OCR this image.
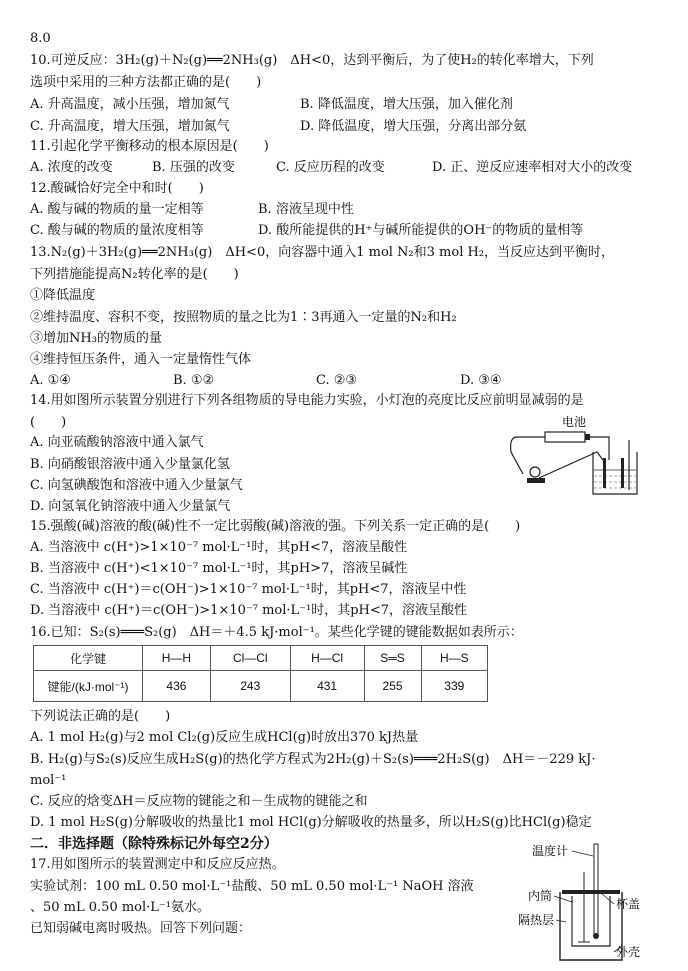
8.0
10.可逆反应：3H₂(g)＋N₂(g)══2NH₃(g)　ΔH<0，达到平衡后，为了使H₂的转化率增大，下列
选项中采用的三种方法都正确的是(　　)
A. 升高温度，减小压强，增加氮气	B. 降低温度，增大压强，加入催化剂
C. 升高温度，增大压强，增加氮气	D. 降低温度，增大压强，分离出部分氨
11.引起化学平衡移动的根本原因是(　　)
A. 浓度的改变	B. 压强的改变	C. 反应历程的改变	D. 正、逆反应速率相对大小的改变
12.酸碱恰好完全中和时(　　)
A. 酸与碱的物质的量一定相等	B. 溶液呈现中性
C. 酸与碱的物质的量浓度相等	D. 酸所能提供的H⁺与碱所能提供的OH⁻的物质的量相等
13.N₂(g)＋3H₂(g)══2NH₃(g)　ΔH<0，向容器中通入1 mol N₂和3 mol H₂，当反应达到平衡时，
下列措施能提高N₂转化率的是(　　)
①降低温度
②维持温度、容积不变，按照物质的量之比为1∶3再通入一定量的N₂和H₂
③增加NH₃的物质的量
④维持恒压条件，通入一定量惰性气体
A. ①④	B. ①②	C. ②③	D. ③④
14.用如图所示装置分别进行下列各组物质的导电能力实验，小灯泡的亮度比反应前明显减弱的是
(　　)
A. 向亚硫酸钠溶液中通入氯气
B. 向硝酸银溶液中通入少量氯化氢
C. 向氢碘酸饱和溶液中通入少量氯气
D. 向氢氧化钠溶液中通入少量氯气
15.强酸(碱)溶液的酸(碱)性不一定比弱酸(碱)溶液的强。下列关系一定正确的是(　　)
A. 当溶液中 c(H⁺)>1×10⁻⁷ mol·L⁻¹时，其pH<7，溶液呈酸性
B. 当溶液中 c(H⁺)<1×10⁻⁷ mol·L⁻¹时，其pH>7，溶液呈碱性
C. 当溶液中 c(H⁺)＝c(OH⁻)>1×10⁻⁷ mol·L⁻¹时，其pH<7，溶液呈中性
D. 当溶液中 c(H⁺)＝c(OH⁻)>1×10⁻⁷ mol·L⁻¹时，其pH<7，溶液呈酸性
16.已知：S₂(s)═══S₂(g)　ΔH＝＋4.5 kJ·mol⁻¹。某些化学键的键能数据如表所示：
化学键	H—H	Cl—Cl	H—Cl	S═S	H—S
键能/(kJ·mol⁻¹)	436	243	431	255	339
下列说法正确的是(　　)
A. 1 mol H₂(g)与2 mol Cl₂(g)反应生成HCl(g)时放出370 kJ热量
B. H₂(g)与S₂(s)反应生成H₂S(g)的热化学方程式为2H₂(g)＋S₂(s)═══2H₂S(g)　ΔH＝－229 kJ·
mol⁻¹
C. 反应的焓变ΔH＝反应物的键能之和－生成物的键能之和
D. 1 mol H₂S(g)分解吸收的热量比1 mol HCl(g)分解吸收的热量多，所以H₂S(g)比HCl(g)稳定
二．非选择题（除特殊标记外每空2分）
17.用如图所示的装置测定中和反应反应热。
实验试剂：100 mL 0.50 mol·L⁻¹盐酸、50 mL 0.50 mol·L⁻¹ NaOH 溶液
、50 mL 0.50 mol·L⁻¹氨水。
已知弱碱电离时吸热。回答下列问题：
电池
温度计
内筒
杯盖
隔热层
外壳
